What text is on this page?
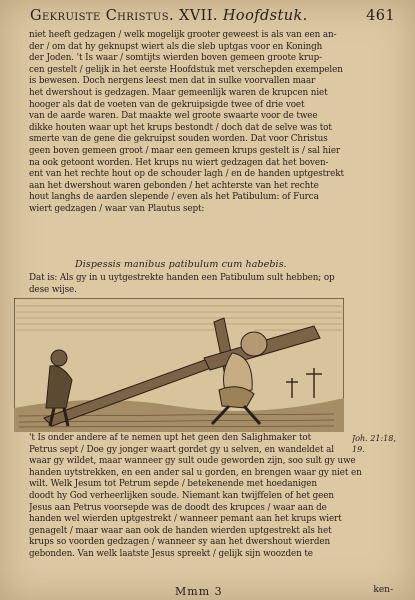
Gekruiste Christus. XVII. Hoofdstuk.	461
niet heeft gedzagen / welk mogelijk grooter geweest is als van een an-
der / om dat hy geknupst wiert als die sleb uptgas voor en Koningh
der Joden. 't Is waar / somtijts wierden boven gemeen groote krup-
cen gestelt / gelijk in het eerste Hoofdstuk met verschepden exempelen
is bewesen. Doch nergens leest men dat in sulke voorvallen maar
het dwershout is gedzagen. Maar gemeenlijk waren de krupcen niet
hooger als dat de voeten van de gekruipsigde twee of drie voet
van de aarde waren. Dat maakte wel groote swaarte voor de twee
dikke houten waar upt het krups bestondt / doch dat de selve was tot
smerte van de gene die gekruipst souden worden. Dat voor Christus
geen boven gemeen groot / maar een gemeen krups gestelt is / sal hier
na ook getoont worden. Het krups nu wiert gedzagen dat het boven-
ent van het rechte hout op de schouder lagh / en de handen uptgestrekt
aan het dwershout waren gebonden / het achterste van het rechte
hout langhs de aarden slepende / even als het Patibulum: of Furca
wiert gedzagen / waar van Plautus sept:
Dispessis manibus patibulum cum habebis.
Dat is: Als gy in u uytgestrekte handen een Patibulum sult hebben; op
dese wijse.
't Is onder andere af te nemen upt het geen den Salighmaker tot
Petrus sept / Doe gy jonger waart gordet gy u selven, en wandeldet al
waar gy wildet, maar wanneer gy sult oude geworden zijn, soo sult gy uwe
handen uytstrekken, en een ander sal u gorden, en brengen waar gy niet en
wilt. Welk Jesum tot Petrum sepde / betekenende met hoedanigen
doodt hy God verheerlijken soude. Niemant kan twijffelen of het geen
Jesus aan Petrus voorsepde was de doodt des krupces / waar aan de
handen wel wierden uptgestrekt / wanneer pemant aan het krups wiert
genagelt / maar waar aan ook de handen wierden uptgestrekt als het
krups so voorden gedzagen / wanneer sy aan het dwershout wierden
gebonden. Van welk laatste Jesus spreekt / gelijk sijn woozden te
Joh. 21:18,
19.
Mmm 3	ken-
